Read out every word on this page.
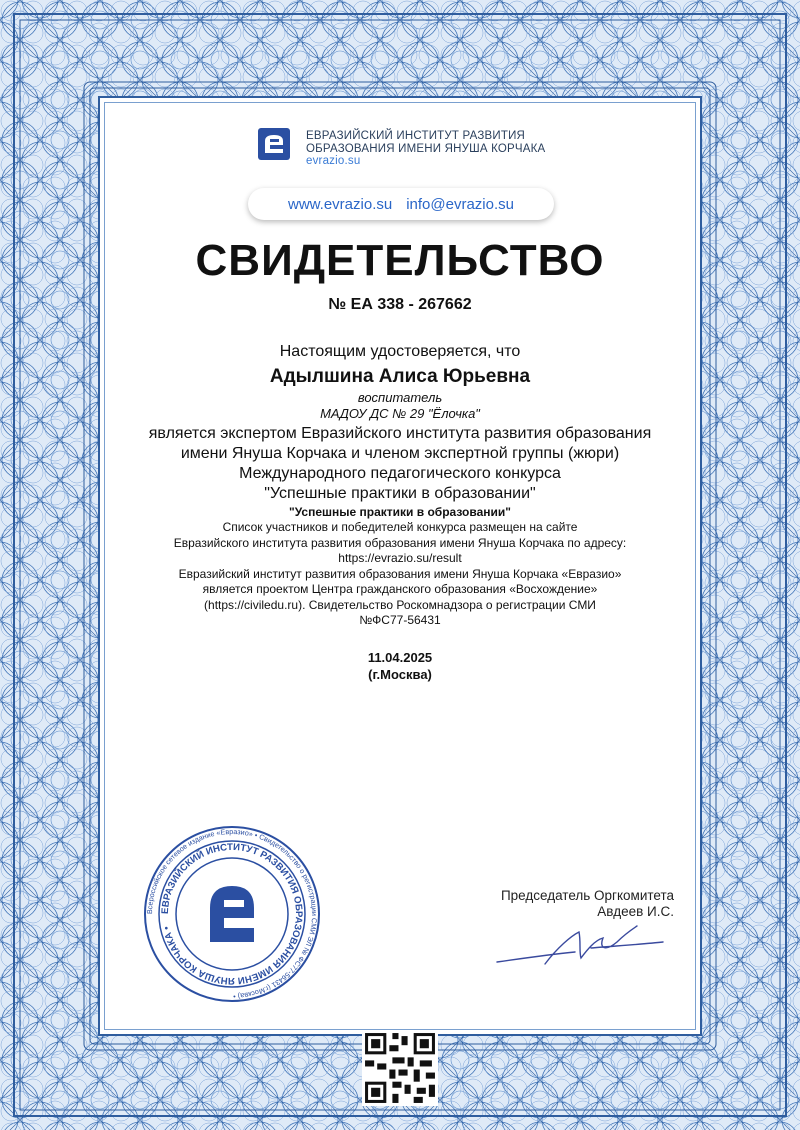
ЕВРАЗИЙСКИЙ ИНСТИТУТ РАЗВИТИЯ
ОБРАЗОВАНИЯ ИМЕНИ ЯНУША КОРЧАКА
evrazio.su
www.evrazio.su info@evrazio.su
СВИДЕТЕЛЬСТВО
№ ЕА 338 - 267662
Настоящим удостоверяется, что
Адылшина Алиса Юрьевна
воспитатель
МАДОУ ДС № 29 "Ёлочка"
является экспертом Евразийского института развития образования
имени Януша Корчака и членом экспертной группы (жюри)
Международного педагогического конкурса
"Успешные практики в образовании"
"Успешные практики в образовании"
Список участников и победителей конкурса размещен на сайте
Евразийского института развития образования имени Януша Корчака по адресу:
https://evrazio.su/result
Евразийский институт развития образования имени Януша Корчака «Евразио»
является проектом Центра гражданского образования «Восхождение»
(https://civiledu.ru). Свидетельство Роскомнадзора о регистрации СМИ
№ФС77-56431
11.04.2025
(г.Москва)
Всероссийское сетевое издание «Евразио» • Свидетельство о регистрации СМИ ЭЛ № ФС77-56431 (г.Москва) •
ЕВРАЗИЙСКИЙ ИНСТИТУТ РАЗВИТИЯ ОБРАЗОВАНИЯ ИМЕНИ ЯНУША КОРЧАКА •
Председатель Оргкомитета
Авдеев И.С.
